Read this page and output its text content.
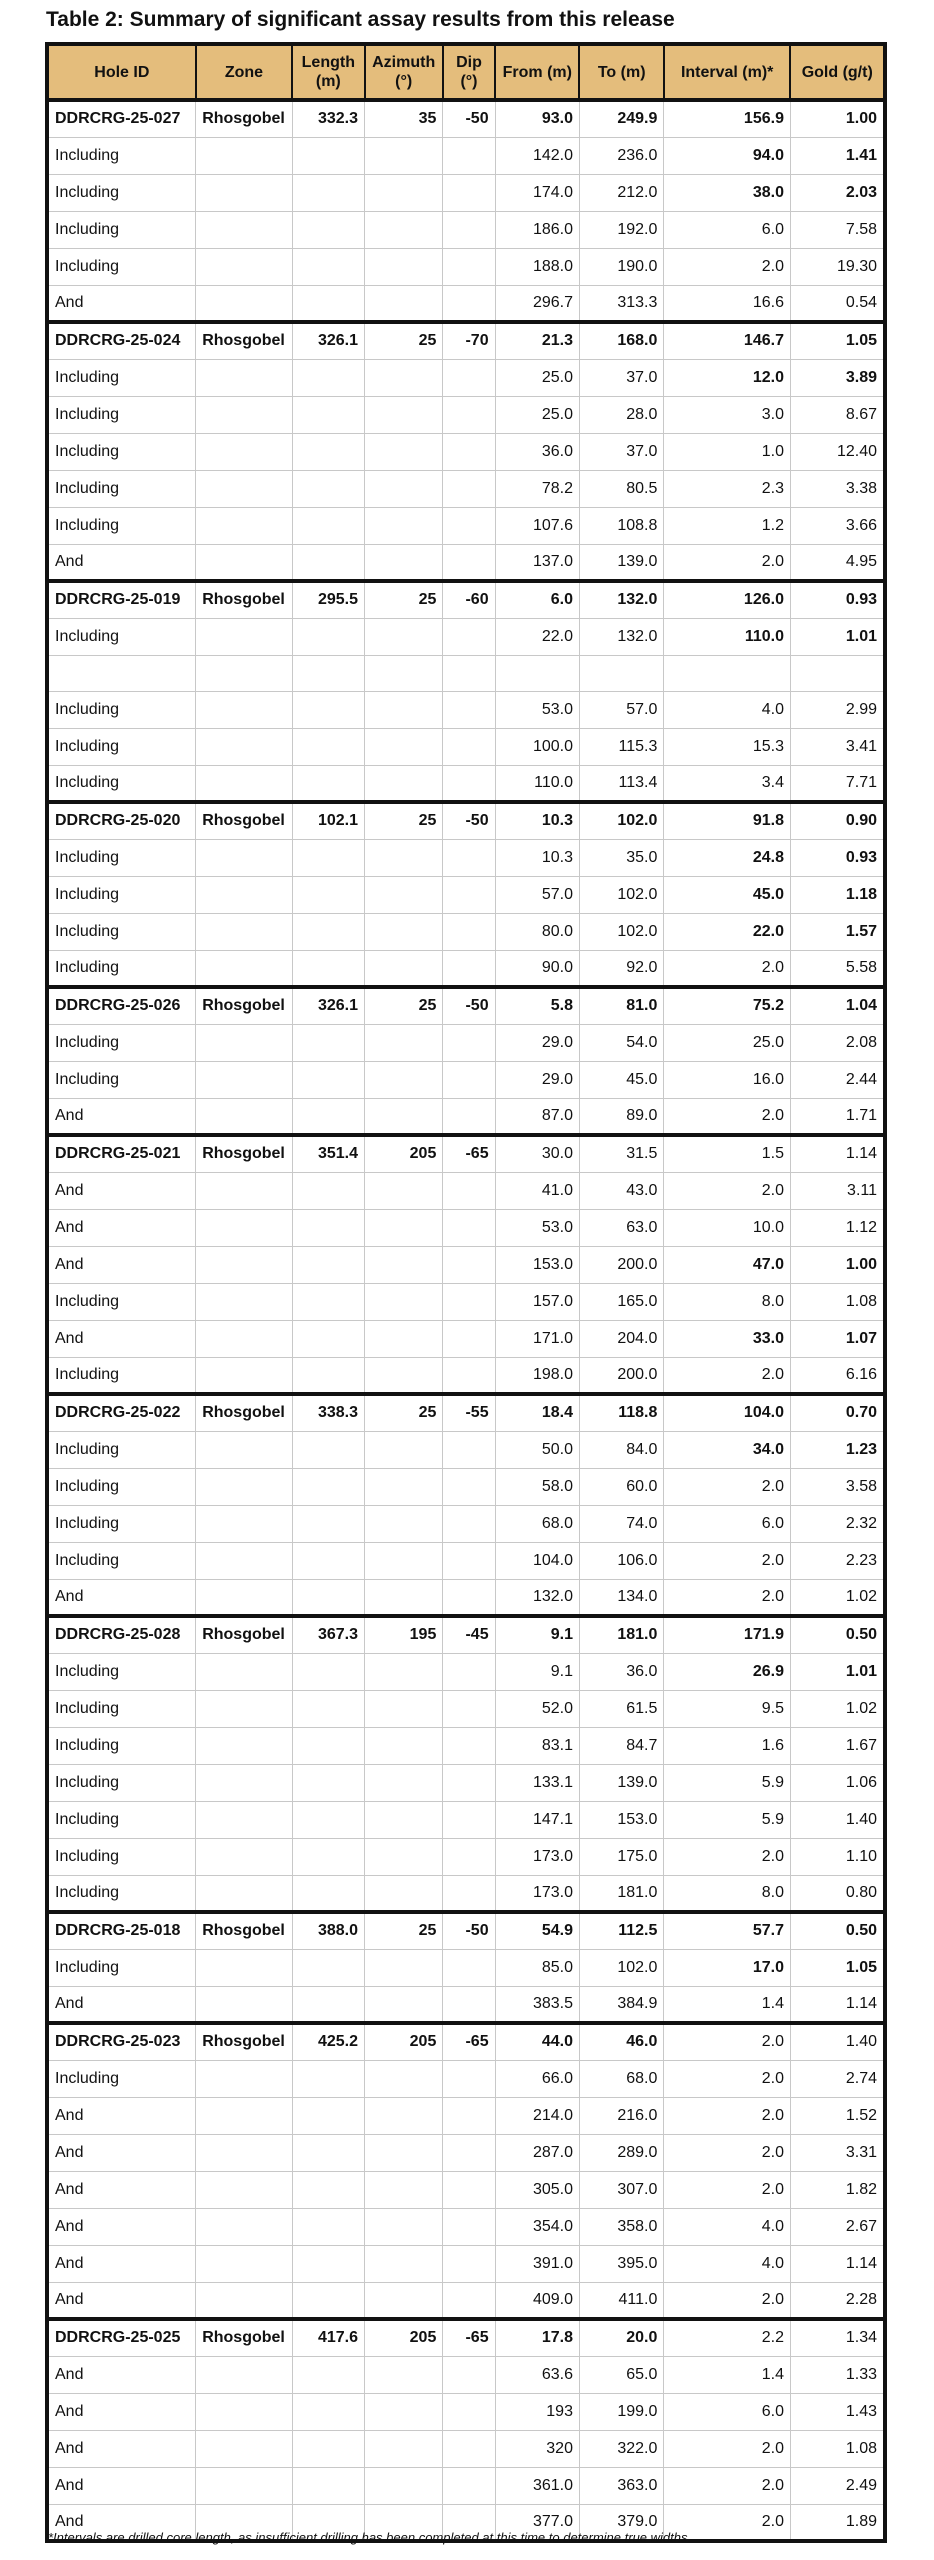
Table 2: Summary of significant assay results from this release
Hole ID	Zone	Length (m)	Azimuth (°)	Dip (°)	From (m)	To (m)	Interval (m)*	Gold (g/t)
DDRCRG-25-027	Rhosgobel	332.3	35	-50	93.0	249.9	156.9	1.00
Including					142.0	236.0	94.0	1.41
Including					174.0	212.0	38.0	2.03
Including					186.0	192.0	6.0	7.58
Including					188.0	190.0	2.0	19.30
And					296.7	313.3	16.6	0.54
DDRCRG-25-024	Rhosgobel	326.1	25	-70	21.3	168.0	146.7	1.05
Including					25.0	37.0	12.0	3.89
Including					25.0	28.0	3.0	8.67
Including					36.0	37.0	1.0	12.40
Including					78.2	80.5	2.3	3.38
Including					107.6	108.8	1.2	3.66
And					137.0	139.0	2.0	4.95
DDRCRG-25-019	Rhosgobel	295.5	25	-60	6.0	132.0	126.0	0.93
Including					22.0	132.0	110.0	1.01

Including					53.0	57.0	4.0	2.99
Including					100.0	115.3	15.3	3.41
Including					110.0	113.4	3.4	7.71
DDRCRG-25-020	Rhosgobel	102.1	25	-50	10.3	102.0	91.8	0.90
Including					10.3	35.0	24.8	0.93
Including					57.0	102.0	45.0	1.18
Including					80.0	102.0	22.0	1.57
Including					90.0	92.0	2.0	5.58
DDRCRG-25-026	Rhosgobel	326.1	25	-50	5.8	81.0	75.2	1.04
Including					29.0	54.0	25.0	2.08
Including					29.0	45.0	16.0	2.44
And					87.0	89.0	2.0	1.71
DDRCRG-25-021	Rhosgobel	351.4	205	-65	30.0	31.5	1.5	1.14
And					41.0	43.0	2.0	3.11
And					53.0	63.0	10.0	1.12
And					153.0	200.0	47.0	1.00
Including					157.0	165.0	8.0	1.08
And					171.0	204.0	33.0	1.07
Including					198.0	200.0	2.0	6.16
DDRCRG-25-022	Rhosgobel	338.3	25	-55	18.4	118.8	104.0	0.70
Including					50.0	84.0	34.0	1.23
Including					58.0	60.0	2.0	3.58
Including					68.0	74.0	6.0	2.32
Including					104.0	106.0	2.0	2.23
And					132.0	134.0	2.0	1.02
DDRCRG-25-028	Rhosgobel	367.3	195	-45	9.1	181.0	171.9	0.50
Including					9.1	36.0	26.9	1.01
Including					52.0	61.5	9.5	1.02
Including					83.1	84.7	1.6	1.67
Including					133.1	139.0	5.9	1.06
Including					147.1	153.0	5.9	1.40
Including					173.0	175.0	2.0	1.10
Including					173.0	181.0	8.0	0.80
DDRCRG-25-018	Rhosgobel	388.0	25	-50	54.9	112.5	57.7	0.50
Including					85.0	102.0	17.0	1.05
And					383.5	384.9	1.4	1.14
DDRCRG-25-023	Rhosgobel	425.2	205	-65	44.0	46.0	2.0	1.40
Including					66.0	68.0	2.0	2.74
And					214.0	216.0	2.0	1.52
And					287.0	289.0	2.0	3.31
And					305.0	307.0	2.0	1.82
And					354.0	358.0	4.0	2.67
And					391.0	395.0	4.0	1.14
And					409.0	411.0	2.0	2.28
DDRCRG-25-025	Rhosgobel	417.6	205	-65	17.8	20.0	2.2	1.34
And					63.6	65.0	1.4	1.33
And					193	199.0	6.0	1.43
And					320	322.0	2.0	1.08
And					361.0	363.0	2.0	2.49
And					377.0	379.0	2.0	1.89
*Intervals are drilled core length, as insufficient drilling has been completed at this time to determine true widths.
